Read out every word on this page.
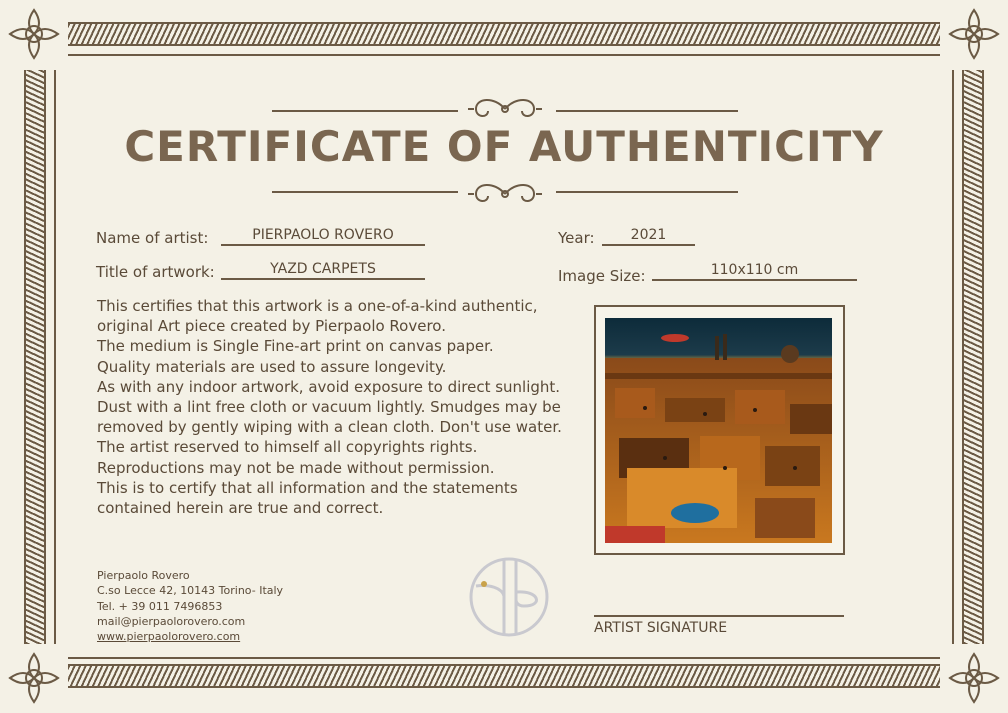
CERTIFICATE OF AUTHENTICITY
Name of artist:	PIERPAOLO ROVERO
Title of artwork:	YAZD CARPETS
Year:	2021
Image Size:	110x110 cm
This certifies that this artwork is a one-of-a-kind authentic,
original Art piece created by Pierpaolo Rovero.
The medium is Single Fine-art print on canvas paper.
Quality materials are used to assure longevity.
As with any indoor artwork, avoid exposure to direct sunlight.
Dust with a lint free cloth or vacuum lightly. Smudges may be
removed by gently wiping with a clean cloth. Don't use water.
The artist reserved to himself all copyrights rights.
Reproductions may not be made without permission.
This is to certify that all information and the statements
contained herein are true and correct.
Pierpaolo Rovero
C.so Lecce 42, 10143 Torino- Italy
Tel. + 39 011 7496853
mail@pierpaolorovero.com
www.pierpaolorovero.com
ARTIST SIGNATURE
